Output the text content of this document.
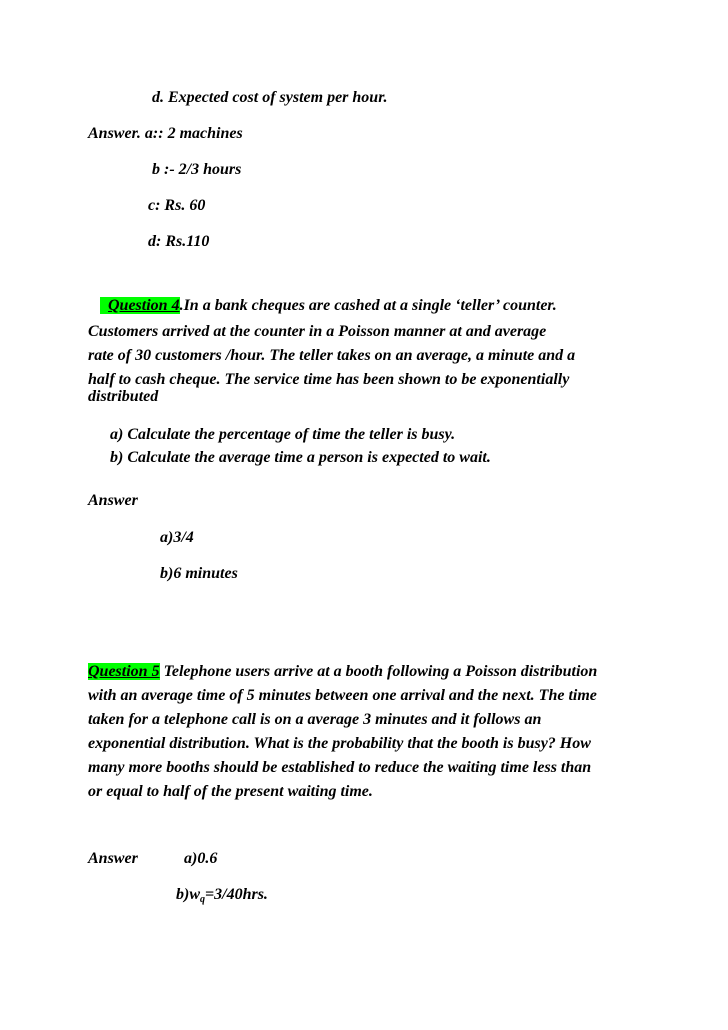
d. Expected cost of system per hour.
Answer. a:: 2 machines
b :- 2/3 hours
c: Rs. 60
d: Rs.110
Question 4.In a bank cheques are cashed at a single ‘teller’ counter.
Customers arrived at the counter in a Poisson manner at and average
rate of 30 customers /hour. The teller takes on an average, a minute and a
half to cash cheque. The service time has been shown to be exponentially
distributed
a) Calculate the percentage of time the teller is busy.
b) Calculate the average time a person is expected to wait.
Answer
a)3/4
b)6 minutes
Question 5 Telephone users arrive at a booth following a Poisson distribution
with an average time of 5 minutes between one arrival and the next. The time
taken for a telephone call is on a average 3 minutes and it follows an
exponential distribution. What is the probability that the booth is busy? How
many more booths should be established to reduce the waiting time less than
or equal to half of the present waiting time.
Answer	a)0.6
$b)w_q=3/40hrs$.
